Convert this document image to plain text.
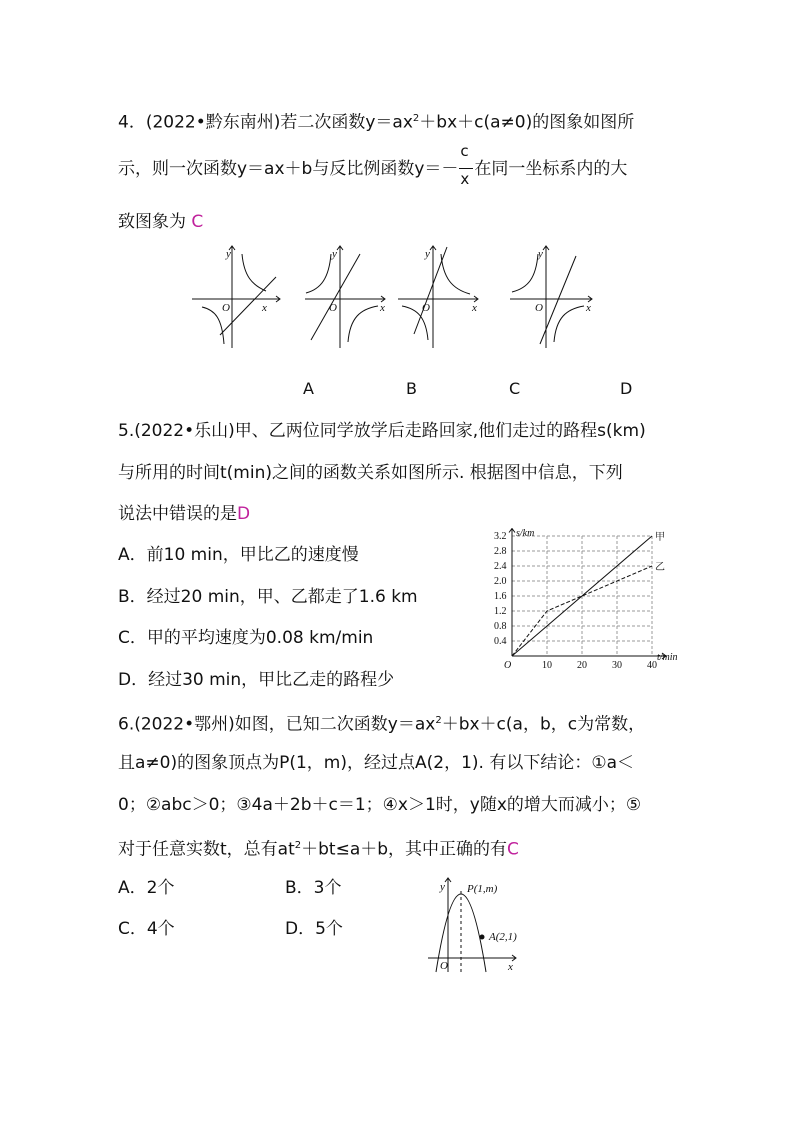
4．(2022•黔东南州)若二次函数$y=ax^2+bx+c(a\ne 0)$的图象如图所
示，则一次函数y＝ax＋b与反比例函数$y=- \frac{c}{x}$ 在同一坐标系内的大
致图象为 C
y
x
O
y
x
O
y
x
O
y
x
O
A	B	C	D
5.(2022•乐山)甲、乙两位同学放学后走路回家,他们走过的路程s(km)
与所用的时间t(min)之间的函数关系如图所示. 根据图中信息，下列
说法中错误的是D
A．前10 min，甲比乙的速度慢
B．经过20 min，甲、乙都走了1.6 km
C．甲的平均速度为0.08 km/min
D．经过30 min，甲比乙走的路程少
甲
乙
10	20	30	40
0.4
0.8
1.2
1.6
2.0
2.4
2.8
3.2
O
s/km
t/min
6.(2022•鄂州)如图，已知二次函数$y=ax^2+bx+c(a$，b，c为常数，
且a≠0)的图象顶点为P(1，m)，经过点A(2，1). 有以下结论：①a＜
0；②abc＞0；③4a＋2b＋c＝1；④x＞1时，y随x的增大而减小；⑤
对于任意实数t，总有$at^2+bt\le a+b$，其中正确的有C
A．2个	B．3个
C．4个	D．5个
y
x
O
P(1,m)
A(2,1)
